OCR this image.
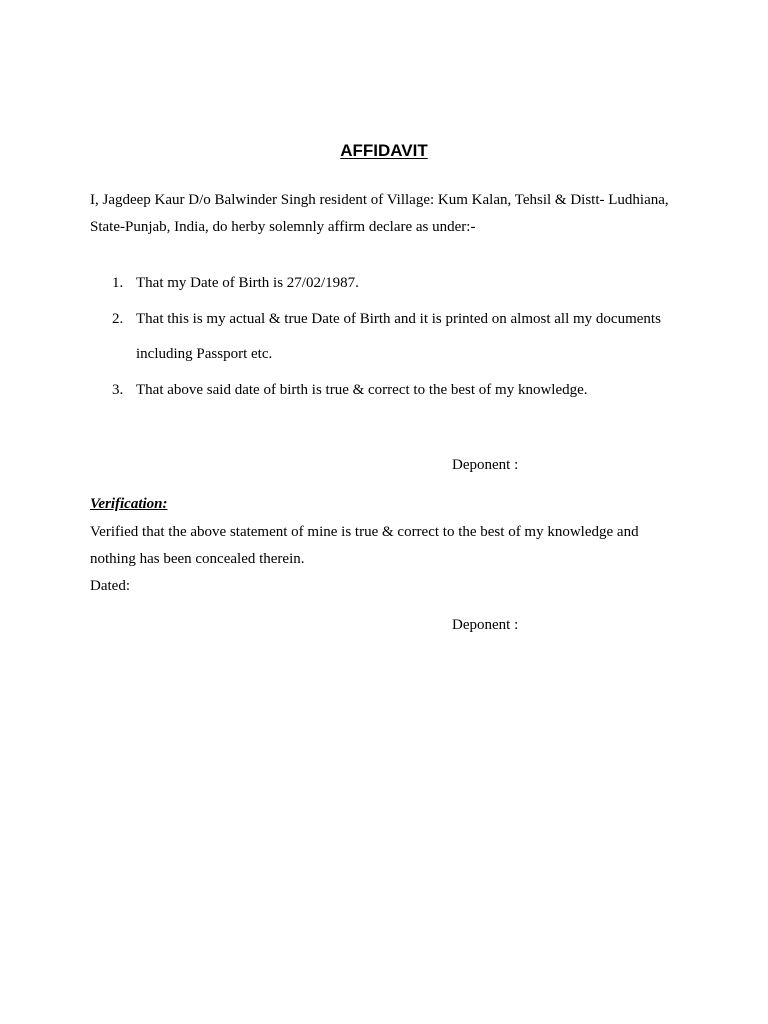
AFFIDAVIT
I, Jagdeep Kaur D/o Balwinder Singh resident of Village: Kum Kalan, Tehsil & Distt- Ludhiana,
State-Punjab, India, do herby solemnly affirm declare as under:-
1. That my Date of Birth is 27/02/1987.
2. That this is my actual & true Date of Birth and it is printed on almost all my documents
including Passport etc.
3. That above said date of birth is true & correct to the best of my knowledge.
Deponent :
Verification:
Verified that the above statement of mine is true & correct to the best of my knowledge and
nothing has been concealed therein.
Dated:
Deponent :
